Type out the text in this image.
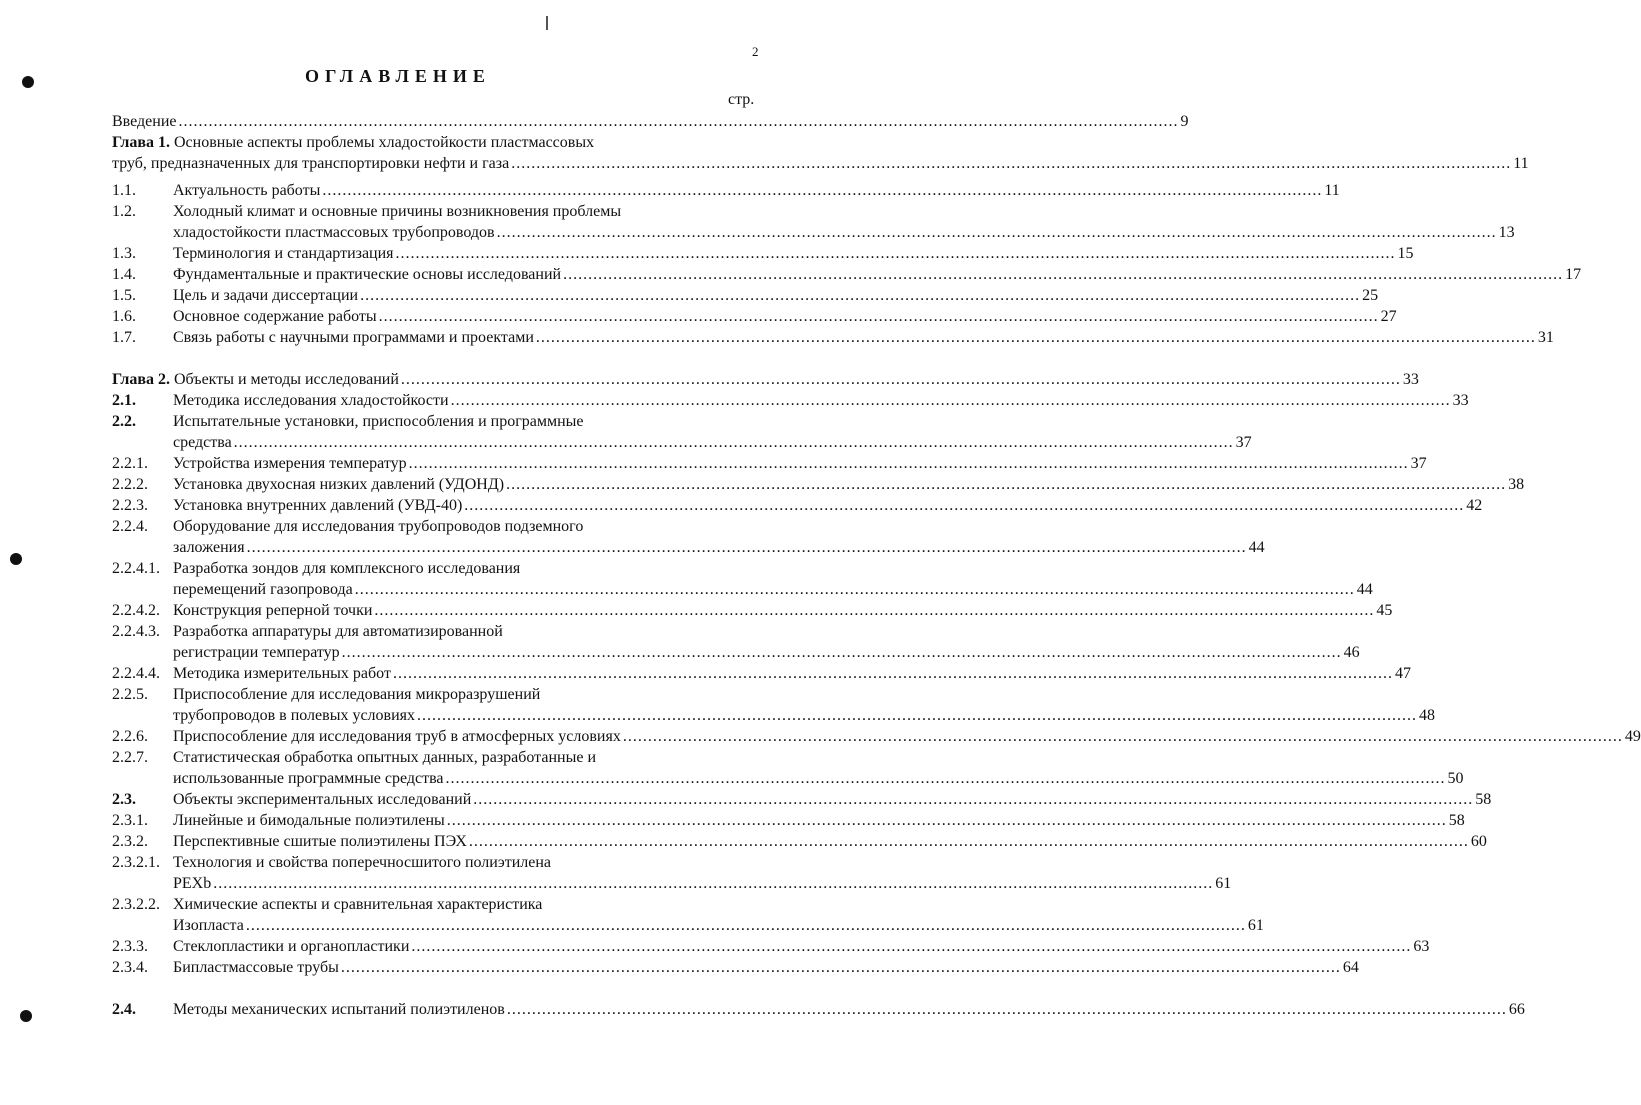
2
ОГЛАВЛЕНИЕ
стр.
Введение .....	9
Глава 1. Основные аспекты проблемы хладостойкости пластмассовых
труб, предназначенных для транспортировки нефти и газа .....	11
1.1.	Актуальность работы .....	11
1.2.	Холодный климат и основные причины возникновения проблемы
хладостойкости пластмассовых трубопроводов .....	13
1.3.	Терминология и стандартизация .....	15
1.4.	Фундаментальные и практические основы исследований .....	17
1.5.	Цель и задачи диссертации .....	25
1.6.	Основное содержание работы .....	27
1.7.	Связь работы с научными программами и проектами .....	31
Глава 2. Объекты и методы исследований .....	33
2.1.	Методика исследования хладостойкости .....	33
2.2.	Испытательные установки, приспособления и программные
средства .....	37
2.2.1.	Устройства измерения температур .....	37
2.2.2.	Установка двухосная низких давлений (УДОНД) .....	38
2.2.3.	Установка внутренних давлений (УВД-40) .....	42
2.2.4.	Оборудование для исследования трубопроводов подземного
заложения .....	44
2.2.4.1. Разработка зондов для комплексного исследования
перемещений газопровода .....	44
2.2.4.2. Конструкция реперной точки .....	45
2.2.4.3. Разработка аппаратуры для автоматизированной
регистрации температур .....	46
2.2.4.4. Методика измерительных работ .....	47
2.2.5.	Приспособление для исследования микроразрушений
трубопроводов в полевых условиях .....	48
2.2.6.	Приспособление для исследования труб в атмосферных условиях .....	49
2.2.7.	Статистическая обработка опытных данных, разработанные и
использованные программные средства .....	50
2.3.	Объекты экспериментальных исследований .....	58
2.3.1.	Линейные и бимодальные полиэтилены .....	58
2.3.2.	Перспективные сшитые полиэтилены ПЭХ .....	60
2.3.2.1. Технология и свойства поперечносшитого полиэтилена
РЕХb .....	61
2.3.2.2. Химические аспекты и сравнительная характеристика
Изопласта .....	61
2.3.3.	Стеклопластики и органопластики .....	63
2.3.4.	Бипластмассовые трубы .....	64
2.4.	Методы механических испытаний полиэтиленов .....	66
